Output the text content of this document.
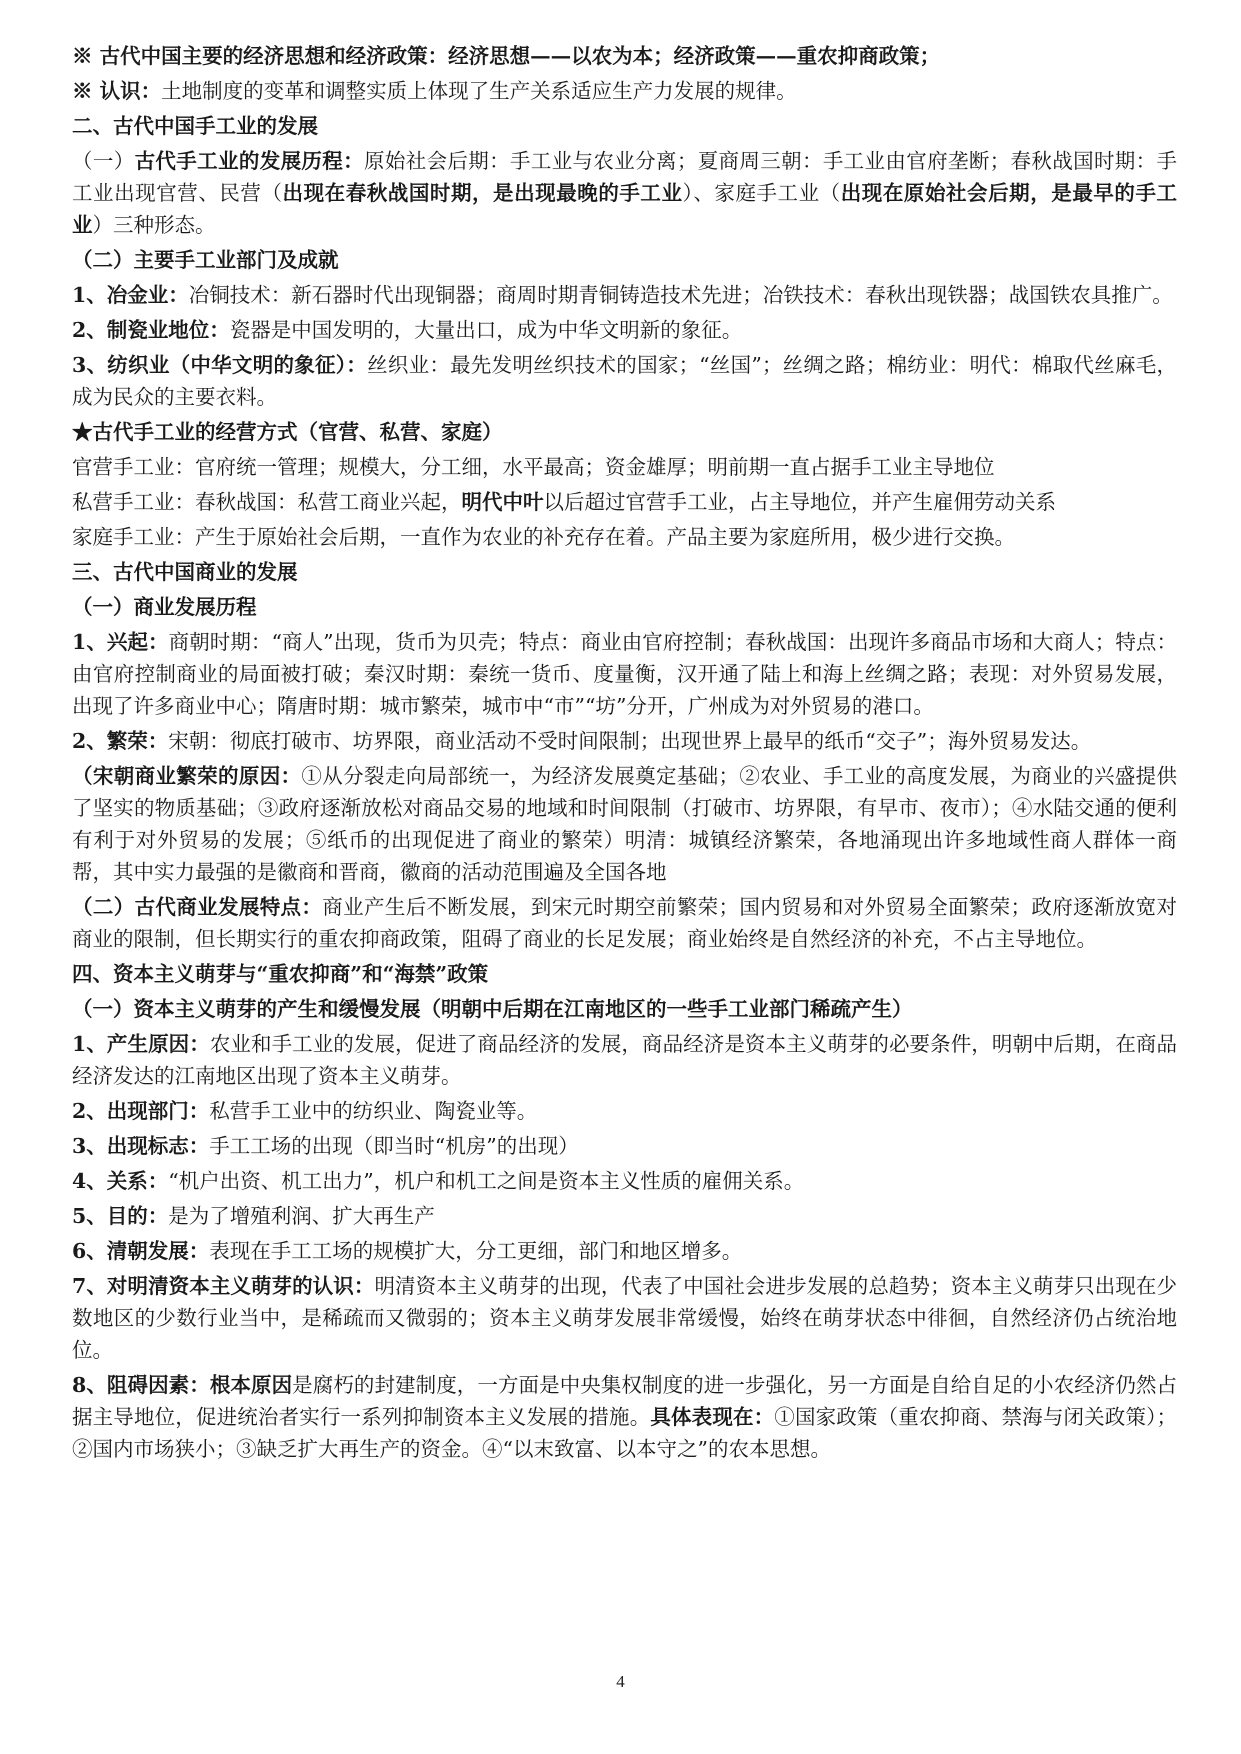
※ 古代中国主要的经济思想和经济政策：经济思想——以农为本；经济政策——重农抑商政策；

※ 认识：土地制度的变革和调整实质上体现了生产关系适应生产力发展的规律。

二、古代中国手工业的发展

（一）古代手工业的发展历程：原始社会后期：手工业与农业分离；夏商周三朝：手工业由官府垄断；春秋战国时期：手工业出现官营、民营（出现在春秋战国时期，是出现最晚的手工业）、家庭手工业（出现在原始社会后期，是最早的手工业）三种形态。

（二）主要手工业部门及成就

1、冶金业：冶铜技术：新石器时代出现铜器；商周时期青铜铸造技术先进；冶铁技术：春秋出现铁器；战国铁农具推广。

2、制瓷业地位：瓷器是中国发明的，大量出口，成为中华文明新的象征。

3、纺织业（中华文明的象征）：丝织业：最先发明丝织技术的国家；“丝国”；丝绸之路；棉纺业：明代：棉取代丝麻毛，成为民众的主要衣料。

★古代手工业的经营方式（官营、私营、家庭）

官营手工业：官府统一管理；规模大，分工细，水平最高；资金雄厚；明前期一直占据手工业主导地位

私营手工业：春秋战国：私营工商业兴起，明代中叶以后超过官营手工业，占主导地位，并产生雇佣劳动关系

家庭手工业：产生于原始社会后期，一直作为农业的补充存在着。产品主要为家庭所用，极少进行交换。

三、古代中国商业的发展

（一）商业发展历程

1、兴起：商朝时期：“商人”出现，货币为贝壳；特点：商业由官府控制；春秋战国：出现许多商品市场和大商人；特点：由官府控制商业的局面被打破；秦汉时期：秦统一货币、度量衡，汉开通了陆上和海上丝绸之路；表现：对外贸易发展，出现了许多商业中心；隋唐时期：城市繁荣，城市中“市”“坊”分开，广州成为对外贸易的港口。

2、繁荣：宋朝：彻底打破市、坊界限，商业活动不受时间限制；出现世界上最早的纸币“交子”；海外贸易发达。

（宋朝商业繁荣的原因：①从分裂走向局部统一，为经济发展奠定基础；②农业、手工业的高度发展，为商业的兴盛提供了坚实的物质基础；③政府逐渐放松对商品交易的地域和时间限制（打破市、坊界限，有早市、夜市）；④水陆交通的便利有利于对外贸易的发展；⑤纸币的出现促进了商业的繁荣）明清：城镇经济繁荣，各地涌现出许多地域性商人群体一商帮，其中实力最强的是徽商和晋商，徽商的活动范围遍及全国各地

（二）古代商业发展特点：商业产生后不断发展，到宋元时期空前繁荣；国内贸易和对外贸易全面繁荣；政府逐渐放宽对商业的限制，但长期实行的重农抑商政策，阻碍了商业的长足发展；商业始终是自然经济的补充，不占主导地位。

四、资本主义萌芽与“重农抑商”和“海禁”政策

（一）资本主义萌芽的产生和缓慢发展（明朝中后期在江南地区的一些手工业部门稀疏产生）

1、产生原因：农业和手工业的发展，促进了商品经济的发展，商品经济是资本主义萌芽的必要条件，明朝中后期，在商品经济发达的江南地区出现了资本主义萌芽。

2、出现部门：私营手工业中的纺织业、陶瓷业等。

3、出现标志：手工工场的出现（即当时“机房”的出现）

4、关系：“机户出资、机工出力”，机户和机工之间是资本主义性质的雇佣关系。

5、目的：是为了增殖利润、扩大再生产

6、清朝发展：表现在手工工场的规模扩大，分工更细，部门和地区增多。

7、对明清资本主义萌芽的认识：明清资本主义萌芽的出现，代表了中国社会进步发展的总趋势；资本主义萌芽只出现在少数地区的少数行业当中，是稀疏而又微弱的；资本主义萌芽发展非常缓慢，始终在萌芽状态中徘徊，自然经济仍占统治地位。

8、阻碍因素：根本原因是腐朽的封建制度，一方面是中央集权制度的进一步强化，另一方面是自给自足的小农经济仍然占据主导地位，促进统治者实行一系列抑制资本主义发展的措施。具体表现在：①国家政策（重农抑商、禁海与闭关政策）；②国内市场狭小；③缺乏扩大再生产的资金。④“以末致富、以本守之”的农本思想。

4
